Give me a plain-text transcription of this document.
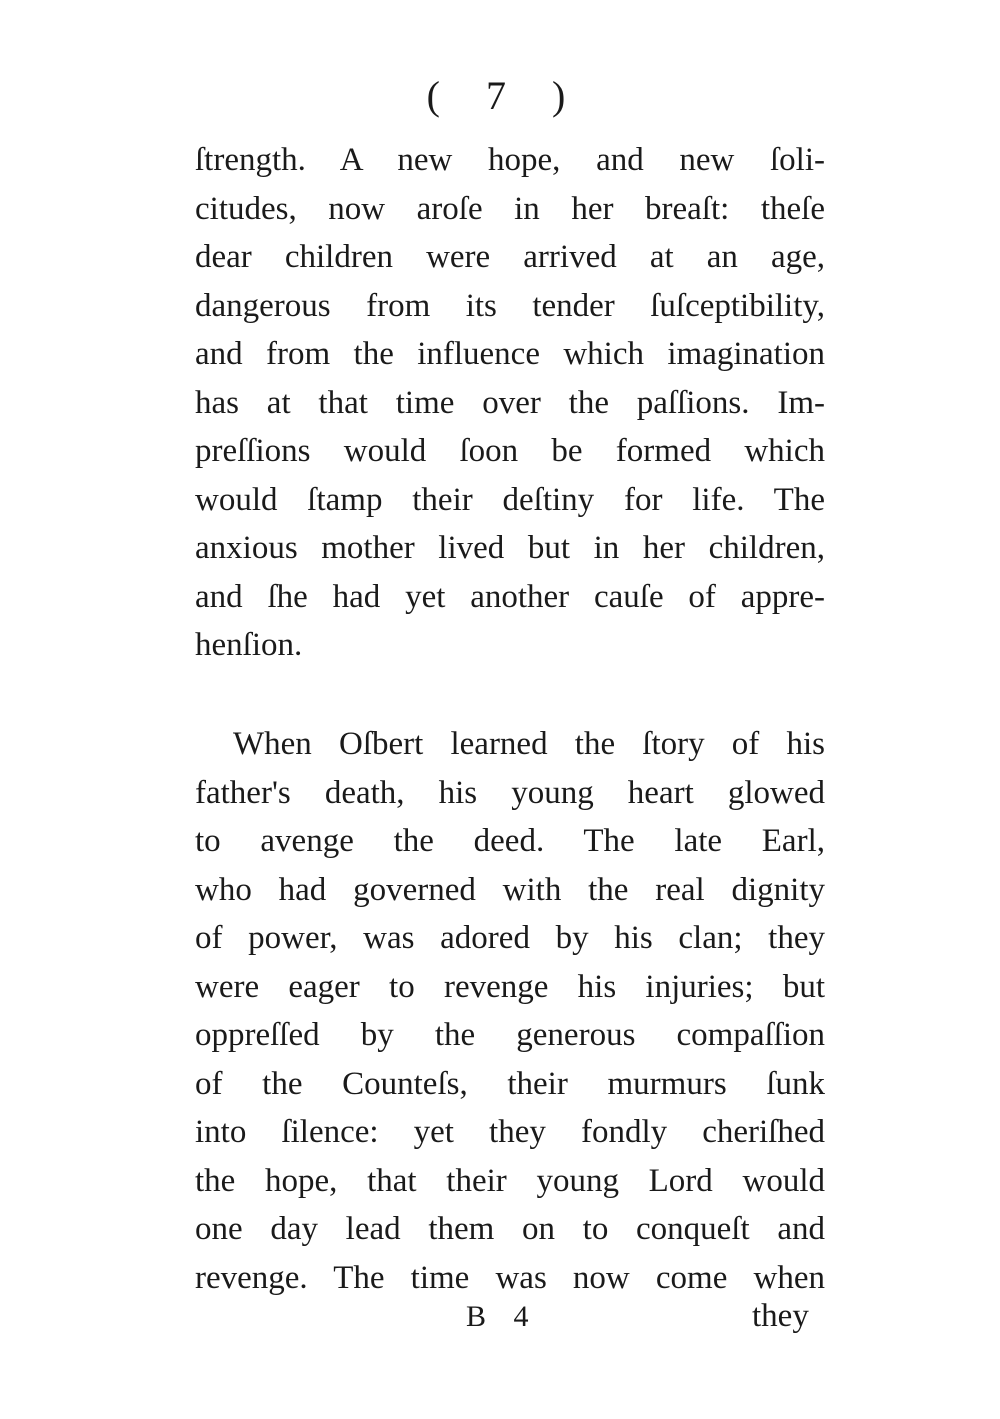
( 7 )
ſtrength. A new hope, and new ſoli-
citudes, now aroſe in her breaſt: theſe
dear children were arrived at an age,
dangerous from its tender ſuſceptibility,
and from the influence which imagination
has at that time over the paſſions. Im-
preſſions would ſoon be formed which
would ſtamp their deſtiny for life. The
anxious mother lived but in her children,
and ſhe had yet another cauſe of appre-
henſion.
When Oſbert learned the ſtory of his
father's death, his young heart glowed
to avenge the deed. The late Earl,
who had governed with the real dignity
of power, was adored by his clan; they
were eager to revenge his injuries; but
oppreſſed by the generous compaſſion
of the Counteſs, their murmurs ſunk
into ſilence: yet they fondly cheriſhed
the hope, that their young Lord would
one day lead them on to conqueſt and
revenge. The time was now come when
B 4	they
